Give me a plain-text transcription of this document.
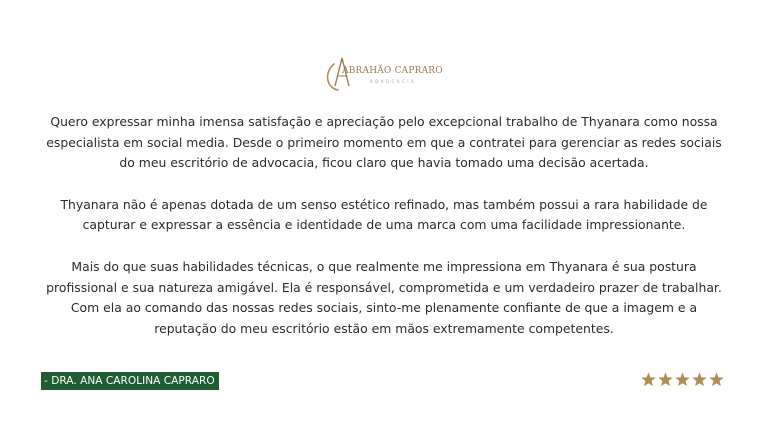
ABRAHÃO CAPRARO
ADVOCACIA

Quero expressar minha imensa satisfação e apreciação pelo excepcional trabalho de Thyanara como nossa especialista em social media. Desde o primeiro momento em que a contratei para gerenciar as redes sociais do meu escritório de advocacia, ficou claro que havia tomado uma decisão acertada.

Thyanara não é apenas dotada de um senso estético refinado, mas também possui a rara habilidade de capturar e expressar a essência e identidade de uma marca com uma facilidade impressionante.

Mais do que suas habilidades técnicas, o que realmente me impressiona em Thyanara é sua postura profissional e sua natureza amigável. Ela é responsável, comprometida e um verdadeiro prazer de trabalhar. Com ela ao comando das nossas redes sociais, sinto-me plenamente confiante de que a imagem e a reputação do meu escritório estão em mãos extremamente competentes.

- DRA. ANA CAROLINA CAPRARO
